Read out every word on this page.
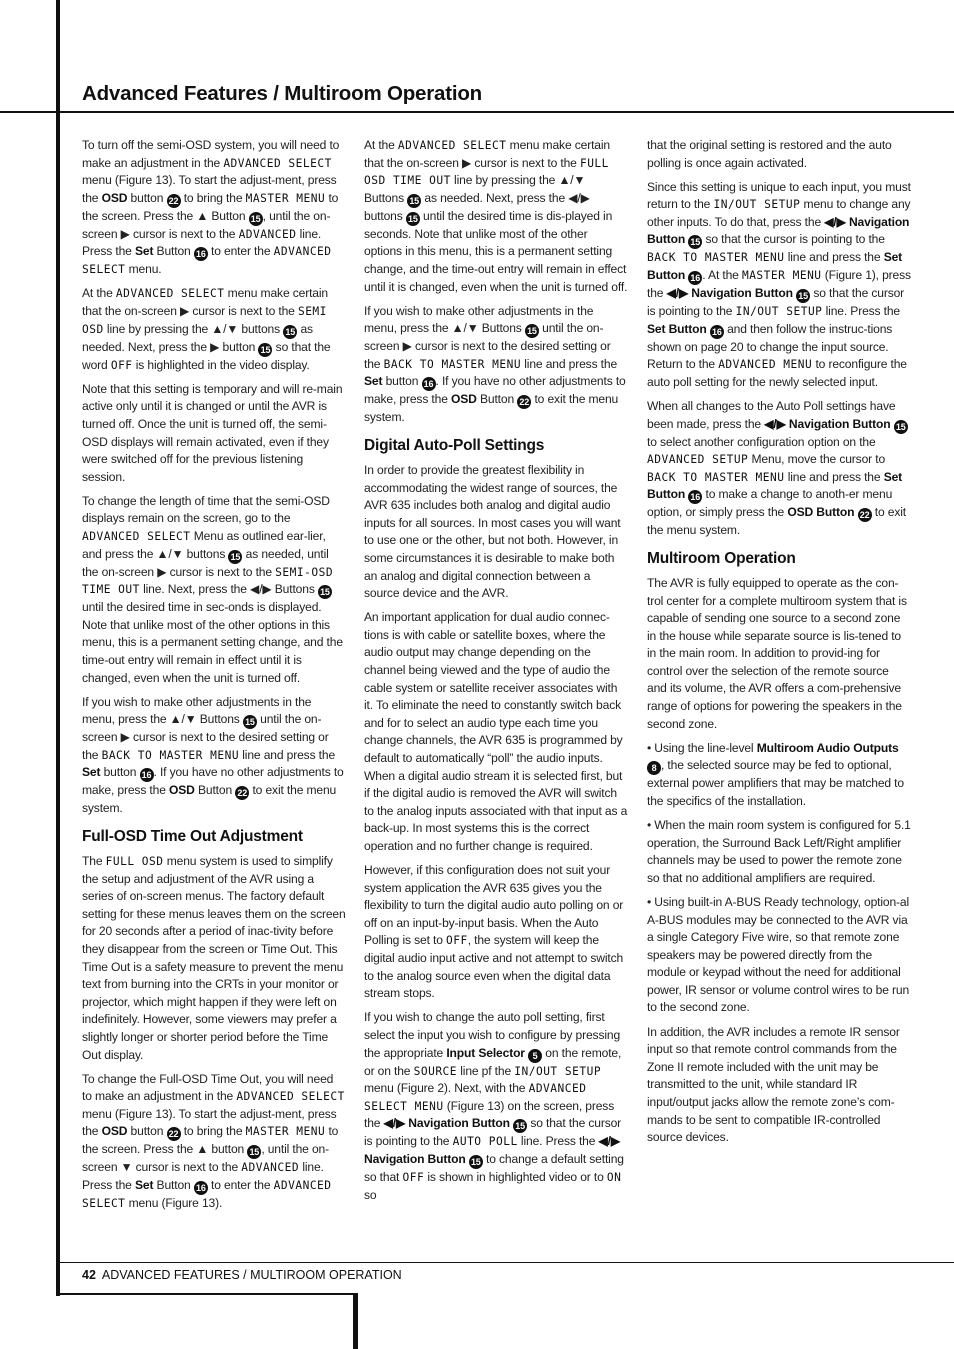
Advanced Features / Multiroom Operation

To turn off the semi-OSD system, you will need to make an adjustment in the ADVANCED SELECT menu (Figure 13). To start the adjust-ment, press the OSD button 22 to bring the MASTER MENU to the screen. Press the ▲ Button 15 , until the on-screen ▶ cursor is next to the ADVANCED line. Press the Set Button 16 to enter the ADVANCED SELECT menu.

At the ADVANCED SELECT menu make certain that the on-screen ▶ cursor is next to the SEMI OSD line by pressing the ▲/▼ buttons 15 as needed. Next, press the ▶ button 15 so that the word OFF is highlighted in the video display.

Note that this setting is temporary and will re-main active only until it is changed or until the AVR is turned off. Once the unit is turned off, the semi-OSD displays will remain activated, even if they were switched off for the previous listening session.

To change the length of time that the semi-OSD displays remain on the screen, go to the ADVANCED SELECT Menu as outlined ear-lier, and press the ▲/▼ buttons 15 as needed, until the on-screen ▶ cursor is next to the SEMI-OSD TIME OUT line. Next, press the ◀/▶ Buttons 15 until the desired time in sec-onds is displayed. Note that unlike most of the other options in this menu, this is a permanent setting change, and the time-out entry will remain in effect until it is changed, even when the unit is turned off.

If you wish to make other adjustments in the menu, press the ▲/▼ Buttons 15 until the on-screen ▶ cursor is next to the desired setting or the BACK TO MASTER MENU line and press the Set button 16 . If you have no other adjustments to make, press the OSD Button 22 to exit the menu system.

Full-OSD Time Out Adjustment

The FULL OSD menu system is used to simplify the setup and adjustment of the AVR using a series of on-screen menus. The factory default setting for these menus leaves them on the screen for 20 seconds after a period of inac-tivity before they disappear from the screen or Time Out. This Time Out is a safety measure to prevent the menu text from burning into the CRTs in your monitor or projector, which might happen if they were left on indefinitely. However, some viewers may prefer a slightly longer or shorter period before the Time Out display.

To change the Full-OSD Time Out, you will need to make an adjustment in the ADVANCED SELECT menu (Figure 13). To start the adjust-ment, press the OSD button 22 to bring the MASTER MENU to the screen. Press the ▲ button 15 , until the on-screen ▼ cursor is next to the ADVANCED line. Press the Set Button 16 to enter the ADVANCED SELECT menu (Figure 13).

At the ADVANCED SELECT menu make certain that the on-screen ▶ cursor is next to the FULL OSD TIME OUT line by pressing the ▲/▼ Buttons 15 as needed. Next, press the ◀/▶ buttons 15 until the desired time is dis-played in seconds. Note that unlike most of the other options in this menu, this is a permanent setting change, and the time-out entry will remain in effect until it is changed, even when the unit is turned off.

If you wish to make other adjustments in the menu, press the ▲/▼ Buttons 15 until the on-screen ▶ cursor is next to the desired setting or the BACK TO MASTER MENU line and press the Set button 16 . If you have no other adjustments to make, press the OSD Button 22 to exit the menu system.

Digital Auto-Poll Settings

In order to provide the greatest flexibility in accommodating the widest range of sources, the AVR 635 includes both analog and digital audio inputs for all sources. In most cases you will want to use one or the other, but not both. However, in some circumstances it is desirable to make both an analog and digital connection between a source device and the AVR.

An important application for dual audio connec-tions is with cable or satellite boxes, where the audio output may change depending on the channel being viewed and the type of audio the cable system or satellite receiver associates with it. To eliminate the need to constantly switch back and for to select an audio type each time you change channels, the AVR 635 is programmed by default to automatically “poll” the audio inputs. When a digital audio stream it is selected first, but if the digital audio is removed the AVR will switch to the analog inputs associated with that input as a back-up. In most systems this is the correct operation and no further change is required.

However, if this configuration does not suit your system application the AVR 635 gives you the flexibility to turn the digital audio auto polling on or off on an input-by-input basis. When the Auto Polling is set to OFF, the system will keep the digital audio input active and not attempt to switch to the analog source even when the digital data stream stops.

If you wish to change the auto poll setting, first select the input you wish to configure by pressing the appropriate Input Selector 5 on the remote, or on the SOURCE line pf the IN/OUT SETUP menu (Figure 2). Next, with the ADVANCED SELECT MENU (Figure 13) on the screen, press the ◀/▶ Navigation Button 15 so that the cursor is pointing to the AUTO POLL line. Press the ◀/▶ Navigation Button 15 to change a default setting so that OFF is shown in highlighted video or to ON so

that the original setting is restored and the auto polling is once again activated.

Since this setting is unique to each input, you must return to the IN/OUT SETUP menu to change any other inputs. To do that, press the ◀/▶ Navigation Button 15 so that the cursor is pointing to the BACK TO MASTER MENU line and press the Set Button 16 . At the MASTER MENU (Figure 1), press the ◀/▶ Navigation Button 15 so that the cursor is pointing to the IN/OUT SETUP line. Press the Set Button 16 and then follow the instruc-tions shown on page 20 to change the input source. Return to the ADVANCED MENU to reconfigure the auto poll setting for the newly selected input.

When all changes to the Auto Poll settings have been made, press the ◀/▶ Navigation Button 15 to select another configuration option on the ADVANCED SETUP Menu, move the cursor to BACK TO MASTER MENU line and press the Set Button 16 to make a change to anoth-er menu option, or simply press the OSD Button 22 to exit the menu system.

Multiroom Operation

The AVR is fully equipped to operate as the con-trol center for a complete multiroom system that is capable of sending one source to a second zone in the house while separate source is lis-tened to in the main room. In addition to provid-ing for control over the selection of the remote source and its volume, the AVR offers a com-prehensive range of options for powering the speakers in the second zone.

• Using the line-level Multiroom Audio Outputs 8 , the selected source may be fed to optional, external power amplifiers that may be matched to the specifics of the installation.

• When the main room system is configured for 5.1 operation, the Surround Back Left/Right amplifier channels may be used to power the remote zone so that no additional amplifiers are required.

• Using built-in A-BUS Ready technology, option-al A-BUS modules may be connected to the AVR via a single Category Five wire, so that remote zone speakers may be powered directly from the module or keypad without the need for additional power, IR sensor or volume control wires to be run to the second zone.

In addition, the AVR includes a remote IR sensor input so that remote control commands from the Zone II remote included with the unit may be transmitted to the unit, while standard IR input/output jacks allow the remote zone’s com-mands to be sent to compatible IR-controlled source devices.

42 ADVANCED FEATURES / MULTIROOM OPERATION
